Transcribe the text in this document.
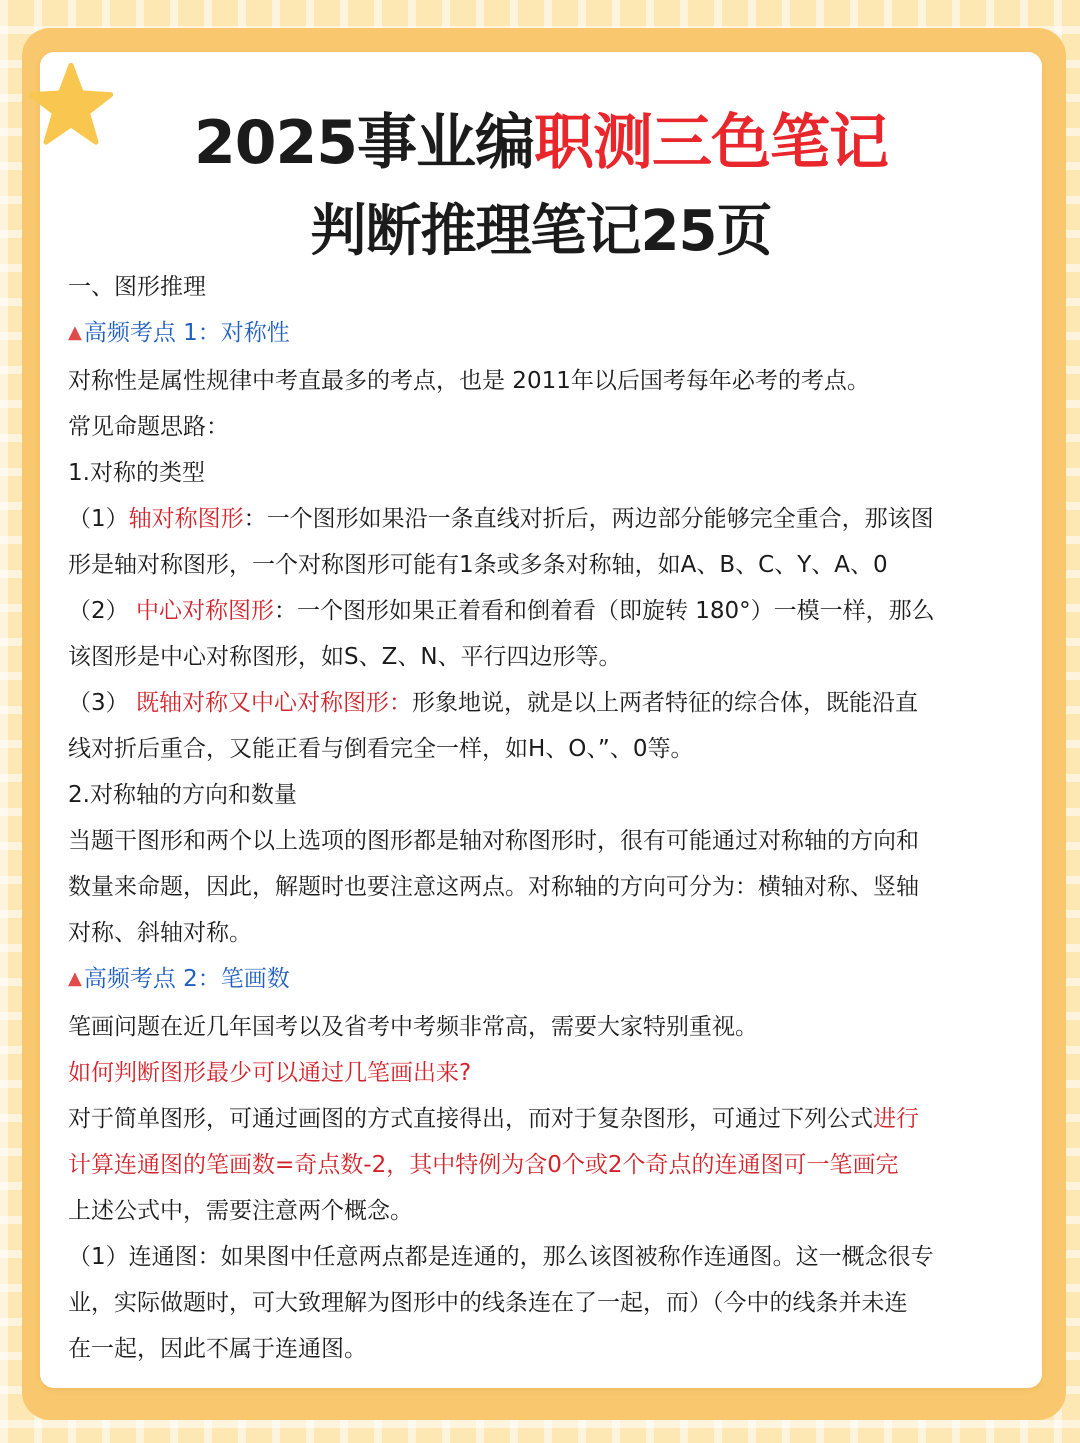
2025事业编职测三色笔记
判断推理笔记25页

一、图形推理

▲高频考点 1：对称性

对称性是属性规律中考直最多的考点，也是 2011年以后国考每年必考的考点。

常见命题思路：

1.对称的类型

（1）轴对称图形：一个图形如果沿一条直线对折后，两边部分能够完全重合，那该图

形是轴对称图形，一个对称图形可能有1条或多条对称轴，如A、B、C、Y、A、0

（2） 中心对称图形：一个图形如果正着看和倒着看（即旋转 180°）一模一样，那么

该图形是中心对称图形，如S、Z、N、平行四边形等。

（3） 既轴对称又中心对称图形：形象地说，就是以上两者特征的综合体，既能沿直

线对折后重合，又能正看与倒看完全一样，如H、O、”、0等。

2.对称轴的方向和数量

当题干图形和两个以上选项的图形都是轴对称图形时，很有可能通过对称轴的方向和

数量来命题，因此，解题时也要注意这两点。对称轴的方向可分为：横轴对称、竖轴

对称、斜轴对称。

▲高频考点 2：笔画数

笔画问题在近几年国考以及省考中考频非常高，需要大家特别重视。

如何判断图形最少可以通过几笔画出来?

对于简单图形，可通过画图的方式直接得出，而对于复杂图形，可通过下列公式进行

计算连通图的笔画数=奇点数-2，其中特例为含0个或2个奇点的连通图可一笔画完

上述公式中，需要注意两个概念。

（1）连通图：如果图中任意两点都是连通的，那么该图被称作连通图。这一概念很专

业，实际做题时，可大致理解为图形中的线条连在了一起，而）（今中的线条并未连

在一起，因此不属于连通图。
